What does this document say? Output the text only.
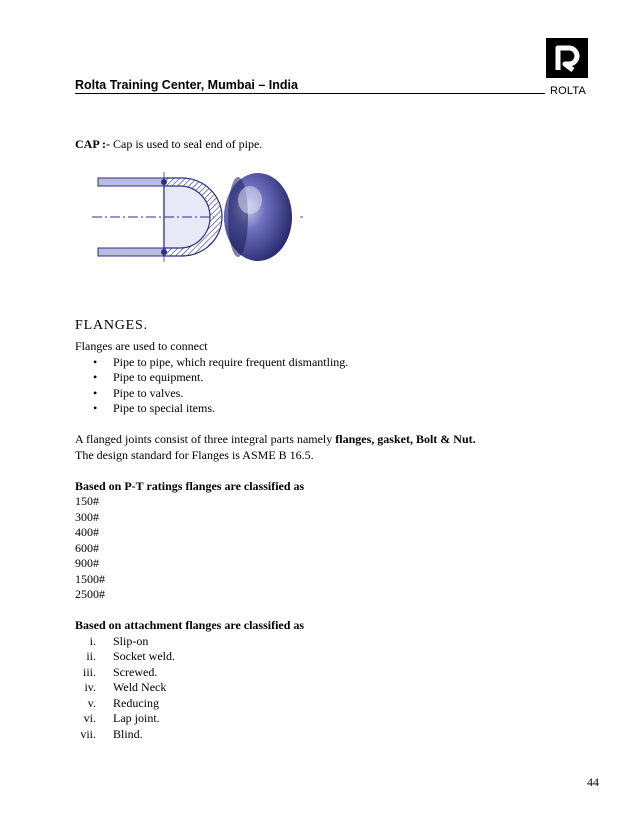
Rolta Training Center, Mumbai – India	ROLTA
CAP :- Cap is used to seal end of pipe.
FLANGES.
Flanges are used to connect
• Pipe to pipe, which require frequent dismantling.
• Pipe to equipment.
• Pipe to valves.
• Pipe to special items.
A flanged joints consist of three integral parts namely flanges, gasket, Bolt & Nut.
The design standard for Flanges is ASME B 16.5.
Based on P-T ratings flanges are classified as
150#
300#
400#
600#
900#
1500#
2500#
Based on attachment flanges are classified as
i. Slip-on
ii. Socket weld.
iii. Screwed.
iv. Weld Neck
v. Reducing
vi. Lap joint.
vii. Blind.
44
